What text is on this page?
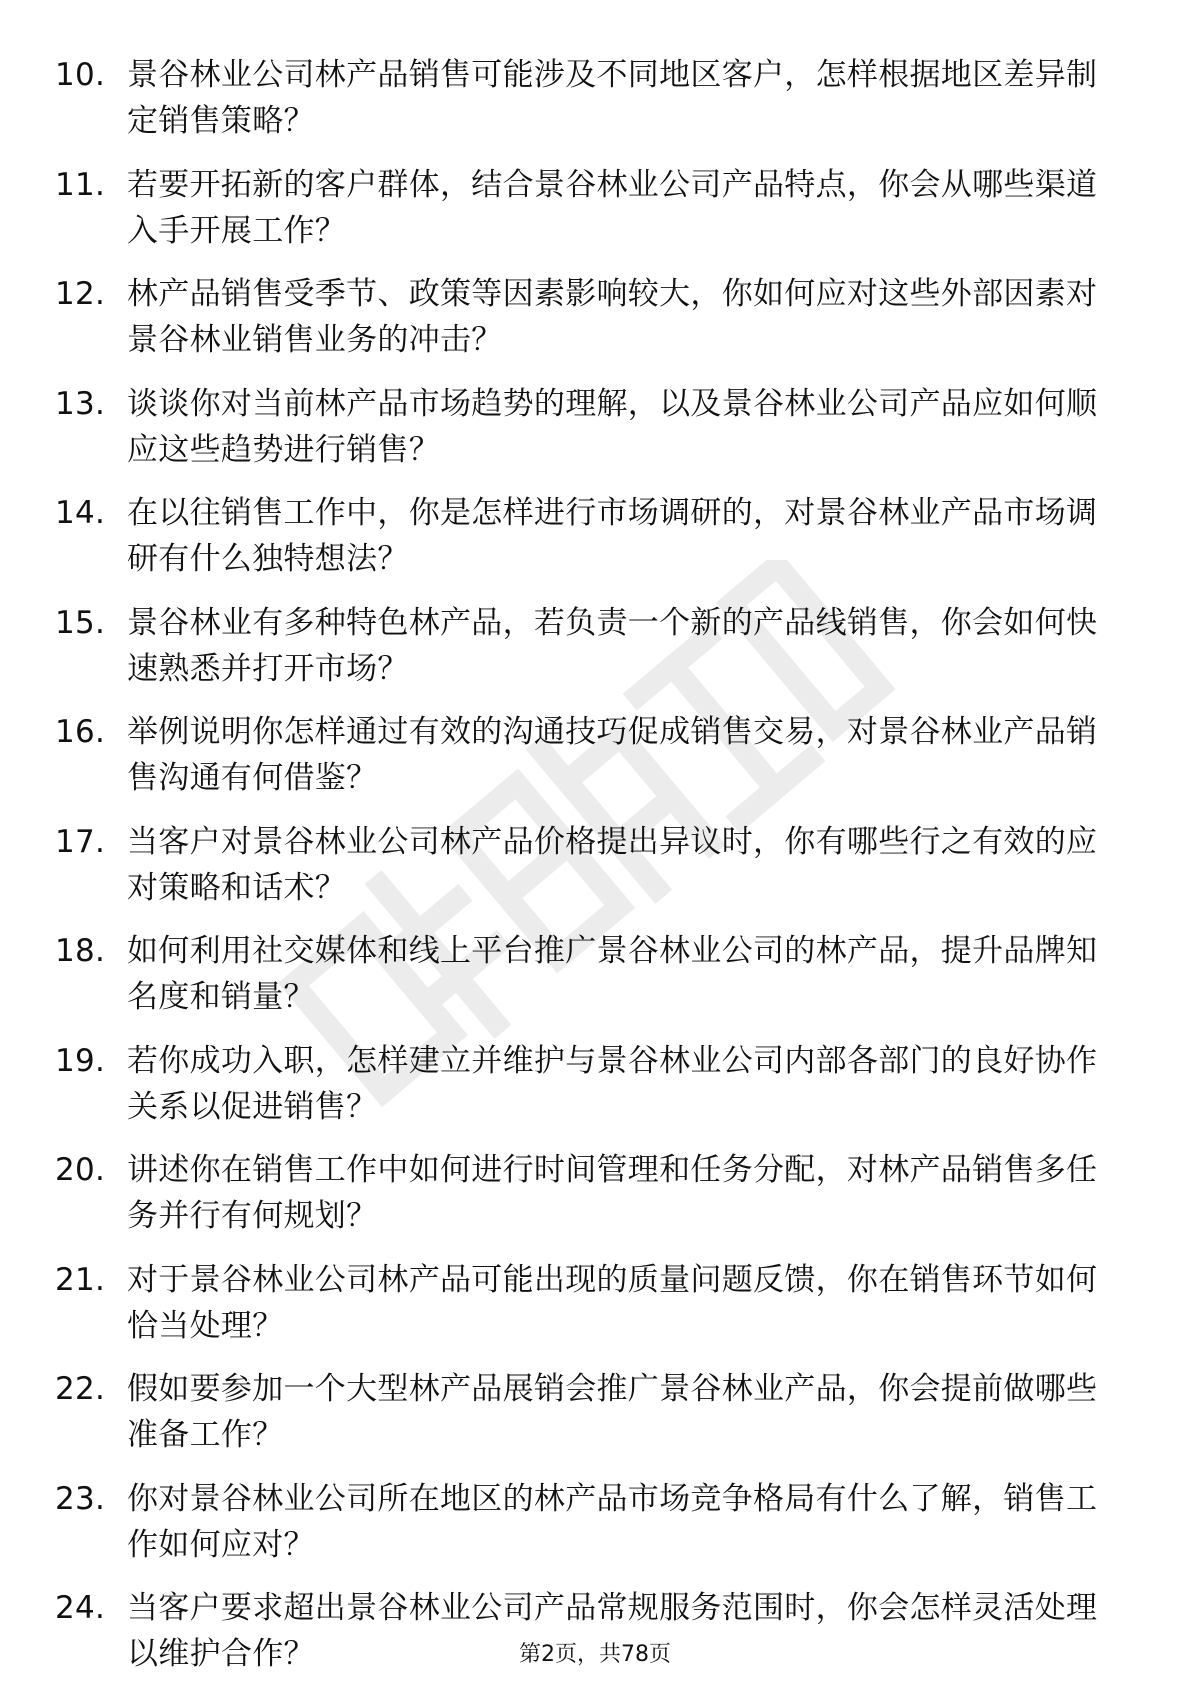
10. 景谷林业公司林产品销售可能涉及不同地区客户，怎样根据地区差异制定销售策略？
11. 若要开拓新的客户群体，结合景谷林业公司产品特点，你会从哪些渠道入手开展工作？
12. 林产品销售受季节、政策等因素影响较大，你如何应对这些外部因素对景谷林业销售业务的冲击？
13. 谈谈你对当前林产品市场趋势的理解，以及景谷林业公司产品应如何顺应这些趋势进行销售？
14. 在以往销售工作中，你是怎样进行市场调研的，对景谷林业产品市场调研有什么独特想法？
15. 景谷林业有多种特色林产品，若负责一个新的产品线销售，你会如何快速熟悉并打开市场？
16. 举例说明你怎样通过有效的沟通技巧促成销售交易，对景谷林业产品销售沟通有何借鉴？
17. 当客户对景谷林业公司林产品价格提出异议时，你有哪些行之有效的应对策略和话术？
18. 如何利用社交媒体和线上平台推广景谷林业公司的林产品，提升品牌知名度和销量？
19. 若你成功入职，怎样建立并维护与景谷林业公司内部各部门的良好协作关系以促进销售？
20. 讲述你在销售工作中如何进行时间管理和任务分配，对林产品销售多任务并行有何规划？
21. 对于景谷林业公司林产品可能出现的质量问题反馈，你在销售环节如何恰当处理？
22. 假如要参加一个大型林产品展销会推广景谷林业产品，你会提前做哪些准备工作？
23. 你对景谷林业公司所在地区的林产品市场竞争格局有什么了解，销售工作如何应对？
24. 当客户要求超出景谷林业公司产品常规服务范围时，你会怎样灵活处理以维护合作？	第2页，共78页
